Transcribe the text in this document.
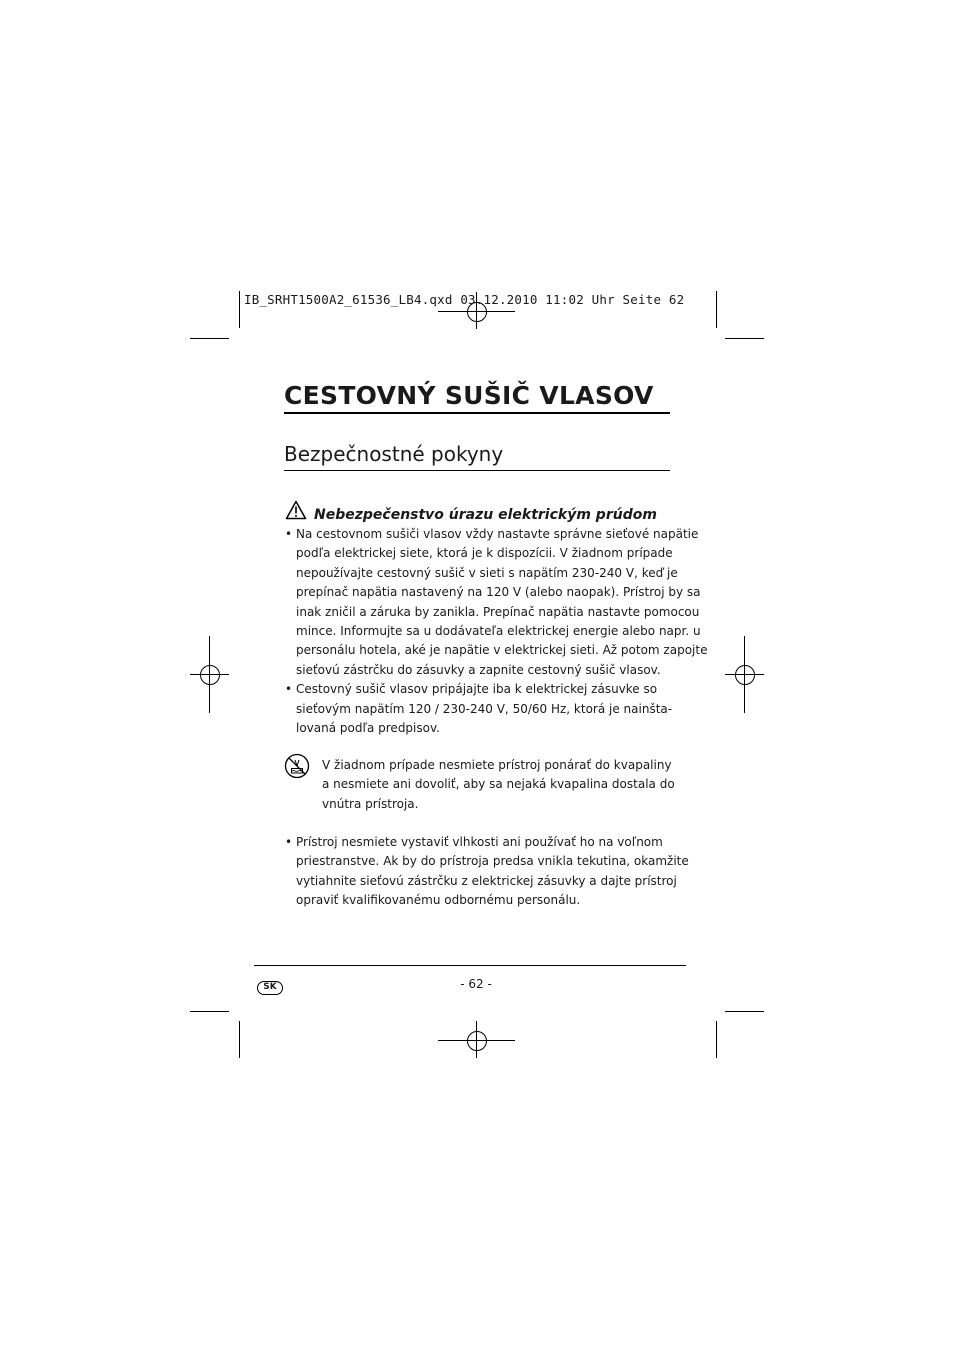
IB_SRHT1500A2_61536_LB4.qxd 03.12.2010 11:02 Uhr Seite 62
CESTOVNÝ SUŠIČ VLASOV
Bezpečnostné pokyny
Nebezpečenstvo úrazu elektrickým prúdom
• Na cestovnom sušiči vlasov vždy nastavte správne sieťové napätie
podľa elektrickej siete, ktorá je k dispozícii. V žiadnom prípade
nepoužívajte cestovný sušič v sieti s napätím 230-240 V, keď je
prepínač napätia nastavený na 120 V (alebo naopak). Prístroj by sa
inak zničil a záruka by zanikla. Prepínač napätia nastavte pomocou
mince. Informujte sa u dodávateľa elektrickej energie alebo napr. u
personálu hotela, aké je napätie v elektrickej sieti. Až potom zapojte
sieťovú zástrčku do zásuvky a zapnite cestovný sušič vlasov.
• Cestovný sušič vlasov pripájajte iba k elektrickej zásuvke so
sieťovým napätím 120 / 230-240 V, 50/60 Hz, ktorá je nainšta-
lovaná podľa predpisov.
V žiadnom prípade nesmiete prístroj ponárať do kvapaliny
a nesmiete ani dovoliť, aby sa nejaká kvapalina dostala do
vnútra prístroja.
• Prístroj nesmiete vystaviť vlhkosti ani používať ho na voľnom
priestranstve. Ak by do prístroja predsa vnikla tekutina, okamžite
vytiahnite sieťovú zástrčku z elektrickej zásuvky a dajte prístroj
opraviť kvalifikovanému odbornému personálu.
SK	- 62 -
